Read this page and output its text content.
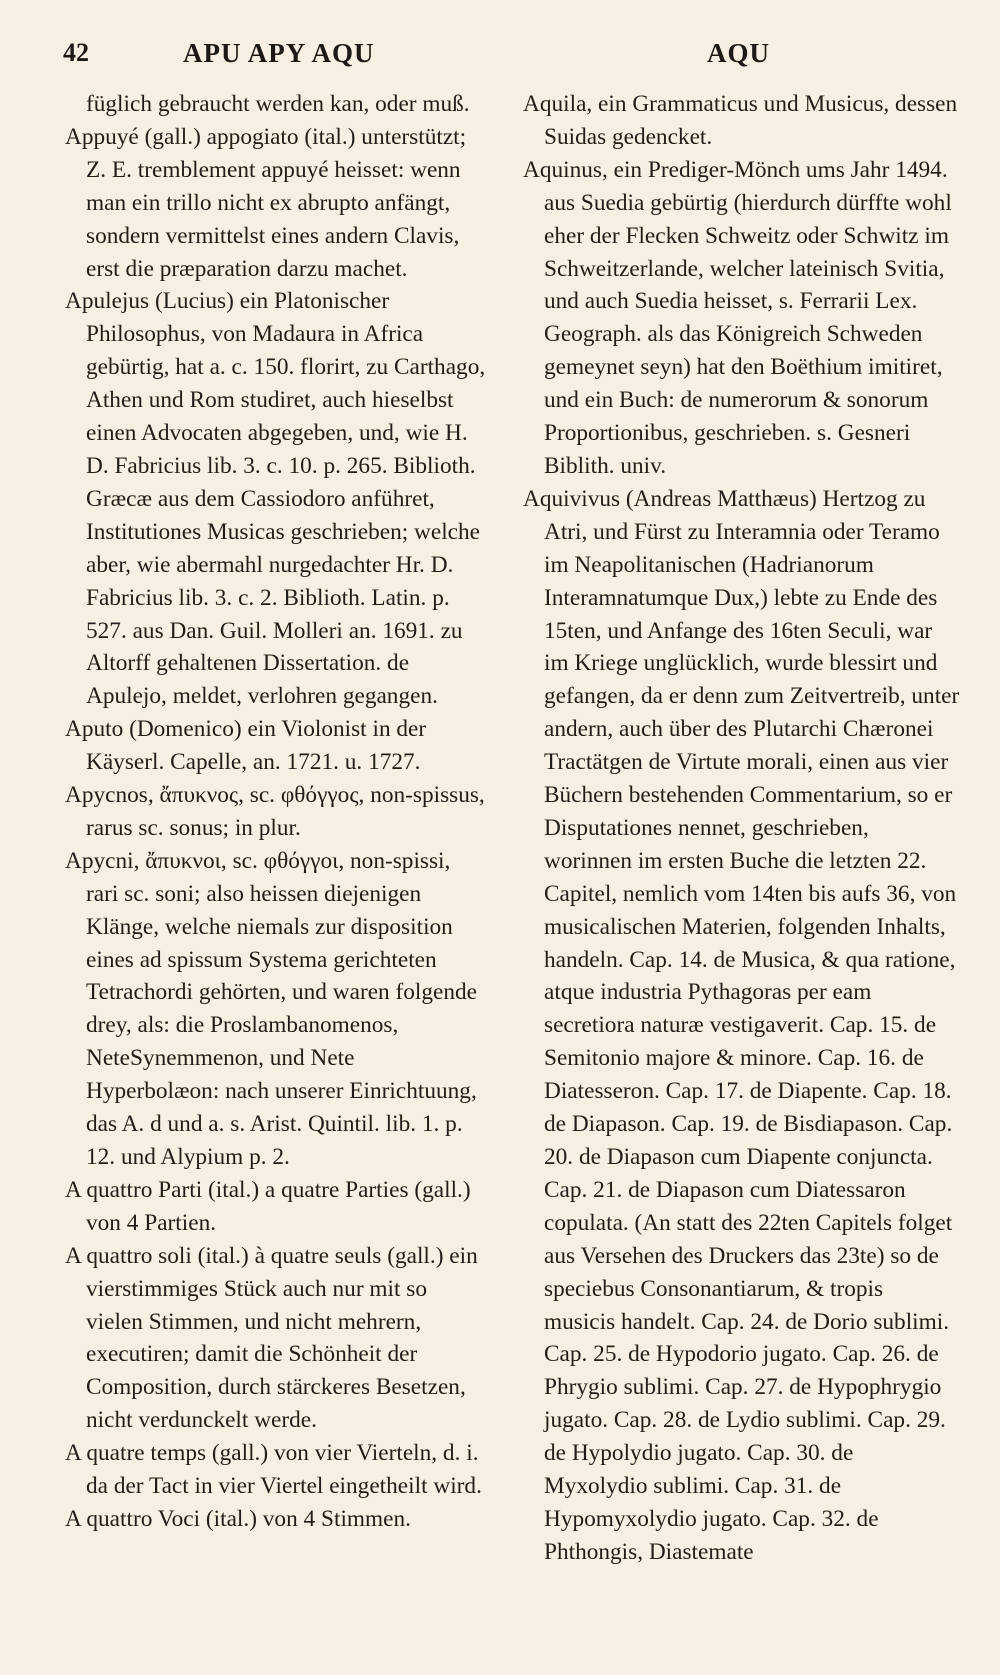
42	APU APY AQU	AQU

füglich gebraucht werden kan, oder muß.

Appuyé (gall.) appogiato (ital.) unterstützt; Z. E. tremblement appuyé heisset: wenn man ein trillo nicht ex abrupto anfängt, sondern vermittelst eines andern Clavis, erst die præparation darzu machet.

Apulejus (Lucius) ein Platonischer Philosophus, von Madaura in Africa gebürtig, hat a. c. 150. florirt, zu Carthago, Athen und Rom studiret, auch hieselbst einen Advocaten abgegeben, und, wie H. D. Fabricius lib. 3. c. 10. p. 265. Biblioth. Græcæ aus dem Cassiodoro anführet, Institutiones Musicas geschrieben; welche aber, wie abermahl nurgedachter Hr. D. Fabricius lib. 3. c. 2. Biblioth. Latin. p. 527. aus Dan. Guil. Molleri an. 1691. zu Altorff gehaltenen Dissertation. de Apulejo, meldet, verlohren gegangen.

Aputo (Domenico) ein Violonist in der Käyserl. Capelle, an. 1721. u. 1727.

Apycnos, ἄπυκνος, sc. φθόγγος, non-spissus, rarus sc. sonus; in plur.

Apycni, ἄπυκνοι, sc. φθόγγοι, non-spissi, rari sc. soni; also heissen diejenigen Klänge, welche niemals zur disposition eines ad spissum Systema gerichteten Tetrachordi gehörten, und waren folgende drey, als: die Proslambanomenos, NeteSynemmenon, und Nete Hyperbolæon: nach unserer Einrichtuung, das A. d und a. s. Arist. Quintil. lib. 1. p. 12. und Alypium p. 2.

A quattro Parti (ital.) a quatre Parties (gall.) von 4 Partien.

A quattro soli (ital.) à quatre seuls (gall.) ein vierstimmiges Stück auch nur mit so vielen Stimmen, und nicht mehrern, executiren; damit die Schönheit der Composition, durch stärckeres Besetzen, nicht verdunckelt werde.

A quatre temps (gall.) von vier Vierteln, d. i. da der Tact in vier Viertel eingetheilt wird.

A quattro Voci (ital.) von 4 Stimmen.

Aquila, ein Grammaticus und Musicus, dessen Suidas gedencket.

Aquinus, ein Prediger-Mönch ums Jahr 1494. aus Suedia gebürtig (hierdurch dürffte wohl eher der Flecken Schweitz oder Schwitz im Schweitzerlande, welcher lateinisch Svitia, und auch Suedia heisset, s. Ferrarii Lex. Geograph. als das Königreich Schweden gemeynet seyn) hat den Boëthium imitiret, und ein Buch: de numerorum & sonorum Proportionibus, geschrieben. s. Gesneri Biblith. univ.

Aquivivus (Andreas Matthæus) Hertzog zu Atri, und Fürst zu Interamnia oder Teramo im Neapolitanischen (Hadrianorum Interamnatumque Dux,) lebte zu Ende des 15ten, und Anfange des 16ten Seculi, war im Kriege unglücklich, wurde blessirt und gefangen, da er denn zum Zeitvertreib, unter andern, auch über des Plutarchi Chæronei Tractätgen de Virtute morali, einen aus vier Büchern bestehenden Commentarium, so er Disputationes nennet, geschrieben, worinnen im ersten Buche die letzten 22. Capitel, nemlich vom 14ten bis aufs 36, von musicalischen Materien, folgenden Inhalts, handeln. Cap. 14. de Musica, & qua ratione, atque industria Pythagoras per eam secretiora naturæ vestigaverit. Cap. 15. de Semitonio majore & minore. Cap. 16. de Diatesseron. Cap. 17. de Diapente. Cap. 18. de Diapason. Cap. 19. de Bisdiapason. Cap. 20. de Diapason cum Diapente conjuncta. Cap. 21. de Diapason cum Diatessaron copulata. (An statt des 22ten Capitels folget aus Versehen des Druckers das 23te) so de speciebus Consonantiarum, & tropis musicis handelt. Cap. 24. de Dorio sublimi. Cap. 25. de Hypodorio jugato. Cap. 26. de Phrygio sublimi. Cap. 27. de Hypophrygio jugato. Cap. 28. de Lydio sublimi. Cap. 29. de Hypolydio jugato. Cap. 30. de Myxolydio sublimi. Cap. 31. de Hypomyxolydio jugato. Cap. 32. de Phthongis, Diastemate
